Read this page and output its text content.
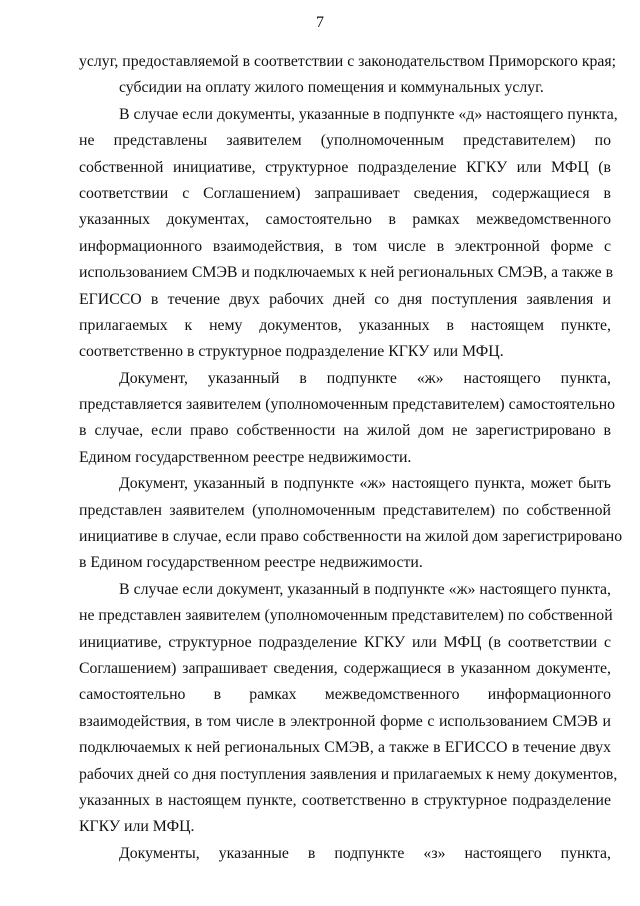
7
услуг, предоставляемой в соответствии с законодательством Приморского края;
субсидии на оплату жилого помещения и коммунальных услуг.
В случае если документы, указанные в подпункте «д» настоящего пункта,
не представлены заявителем (уполномоченным представителем) по
собственной инициативе, структурное подразделение КГКУ или МФЦ (в
соответствии с Соглашением) запрашивает сведения, содержащиеся в
указанных документах, самостоятельно в рамках межведомственного
информационного взаимодействия, в том числе в электронной форме с
использованием СМЭВ и подключаемых к ней региональных СМЭВ, а также в
ЕГИССО в течение двух рабочих дней со дня поступления заявления и
прилагаемых к нему документов, указанных в настоящем пункте,
соответственно в структурное подразделение КГКУ или МФЦ.
Документ, указанный в подпункте «ж» настоящего пункта,
представляется заявителем (уполномоченным представителем) самостоятельно
в случае, если право собственности на жилой дом не зарегистрировано в
Едином государственном реестре недвижимости.
Документ, указанный в подпункте «ж» настоящего пункта, может быть
представлен заявителем (уполномоченным представителем) по собственной
инициативе в случае, если право собственности на жилой дом зарегистрировано
в Едином государственном реестре недвижимости.
В случае если документ, указанный в подпункте «ж» настоящего пункта,
не представлен заявителем (уполномоченным представителем) по собственной
инициативе, структурное подразделение КГКУ или МФЦ (в соответствии с
Соглашением) запрашивает сведения, содержащиеся в указанном документе,
самостоятельно в рамках межведомственного информационного
взаимодействия, в том числе в электронной форме с использованием СМЭВ и
подключаемых к ней региональных СМЭВ, а также в ЕГИССО в течение двух
рабочих дней со дня поступления заявления и прилагаемых к нему документов,
указанных в настоящем пункте, соответственно в структурное подразделение
КГКУ или МФЦ.
Документы, указанные в подпункте «з» настоящего пункта,
